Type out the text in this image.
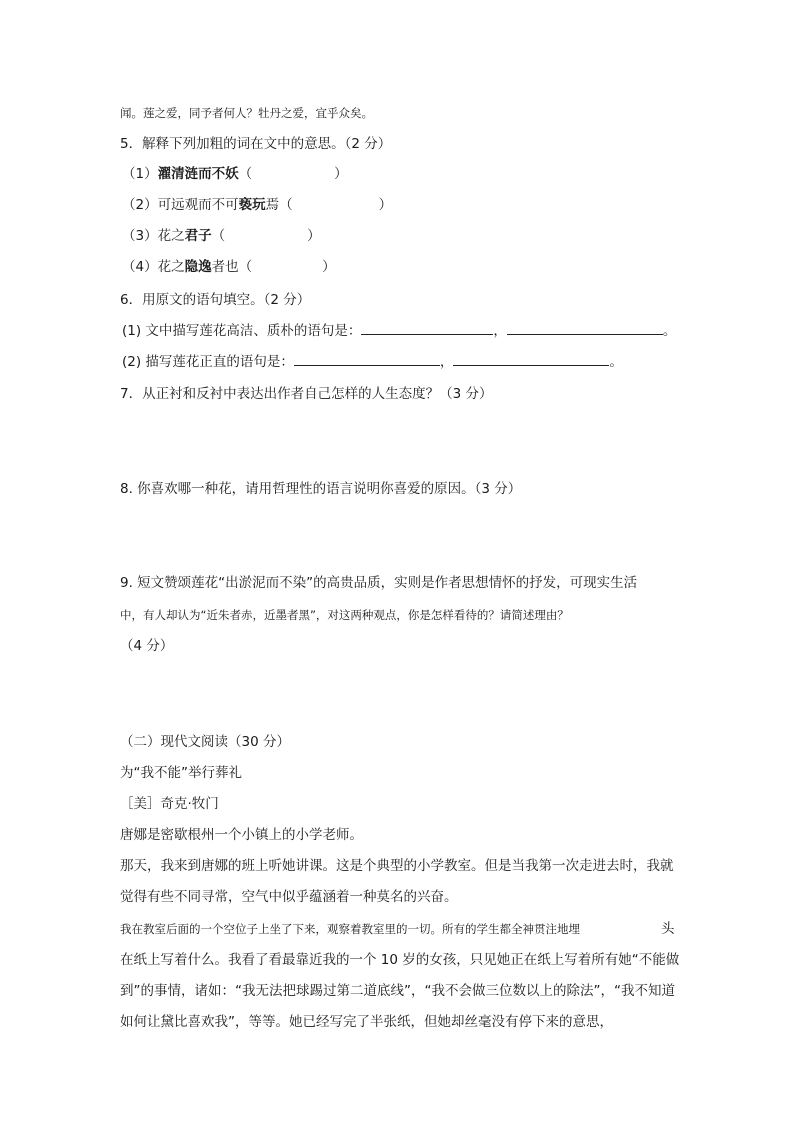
闻。莲之爱，同予者何人？牡丹之爱，宜乎众矣。
5．解释下列加粗的词在文中的意思。（2 分）
（1）濯清涟而不妖（	）
（2）可远观而不可亵玩焉（	）
（3）花之君子（	）
（4）花之隐逸者也（	）
6．用原文的语句填空。（2 分）
(1) 文中描写莲花高洁、质朴的语句是：	，	。
(2) 描写莲花正直的语句是：	，	。
7．从正衬和反衬中表达出作者自己怎样的人生态度？（3 分）
8. 你喜欢哪一种花，请用哲理性的语言说明你喜爱的原因。（3 分）
9. 短文赞颂莲花“出淤泥而不染”的高贵品质，实则是作者思想情怀的抒发，可现实生活
中，有人却认为“近朱者赤，近墨者黑”，对这两种观点，你是怎样看待的？请简述理由？
（4 分）
（二）现代文阅读（30 分）
为“我不能”举行葬礼
［美］奇克·牧门
唐娜是密歇根州一个小镇上的小学老师。
那天，我来到唐娜的班上听她讲课。这是个典型的小学教室。但是当我第一次走进去时，我就
觉得有些不同寻常，空气中似乎蕴涵着一种莫名的兴奋。
我在教室后面的一个空位子上坐了下来，观察着教室里的一切。所有的学生都全神贯注地埋	头
在纸上写着什么。我看了看最靠近我的一个 10 岁的女孩，只见她正在纸上写着所有她“不能做
到”的事情，诸如：“我无法把球踢过第二道底线”，“我不会做三位数以上的除法”，“我不知道
如何让黛比喜欢我”，等等。她已经写完了半张纸，但她却丝毫没有停下来的意思，
